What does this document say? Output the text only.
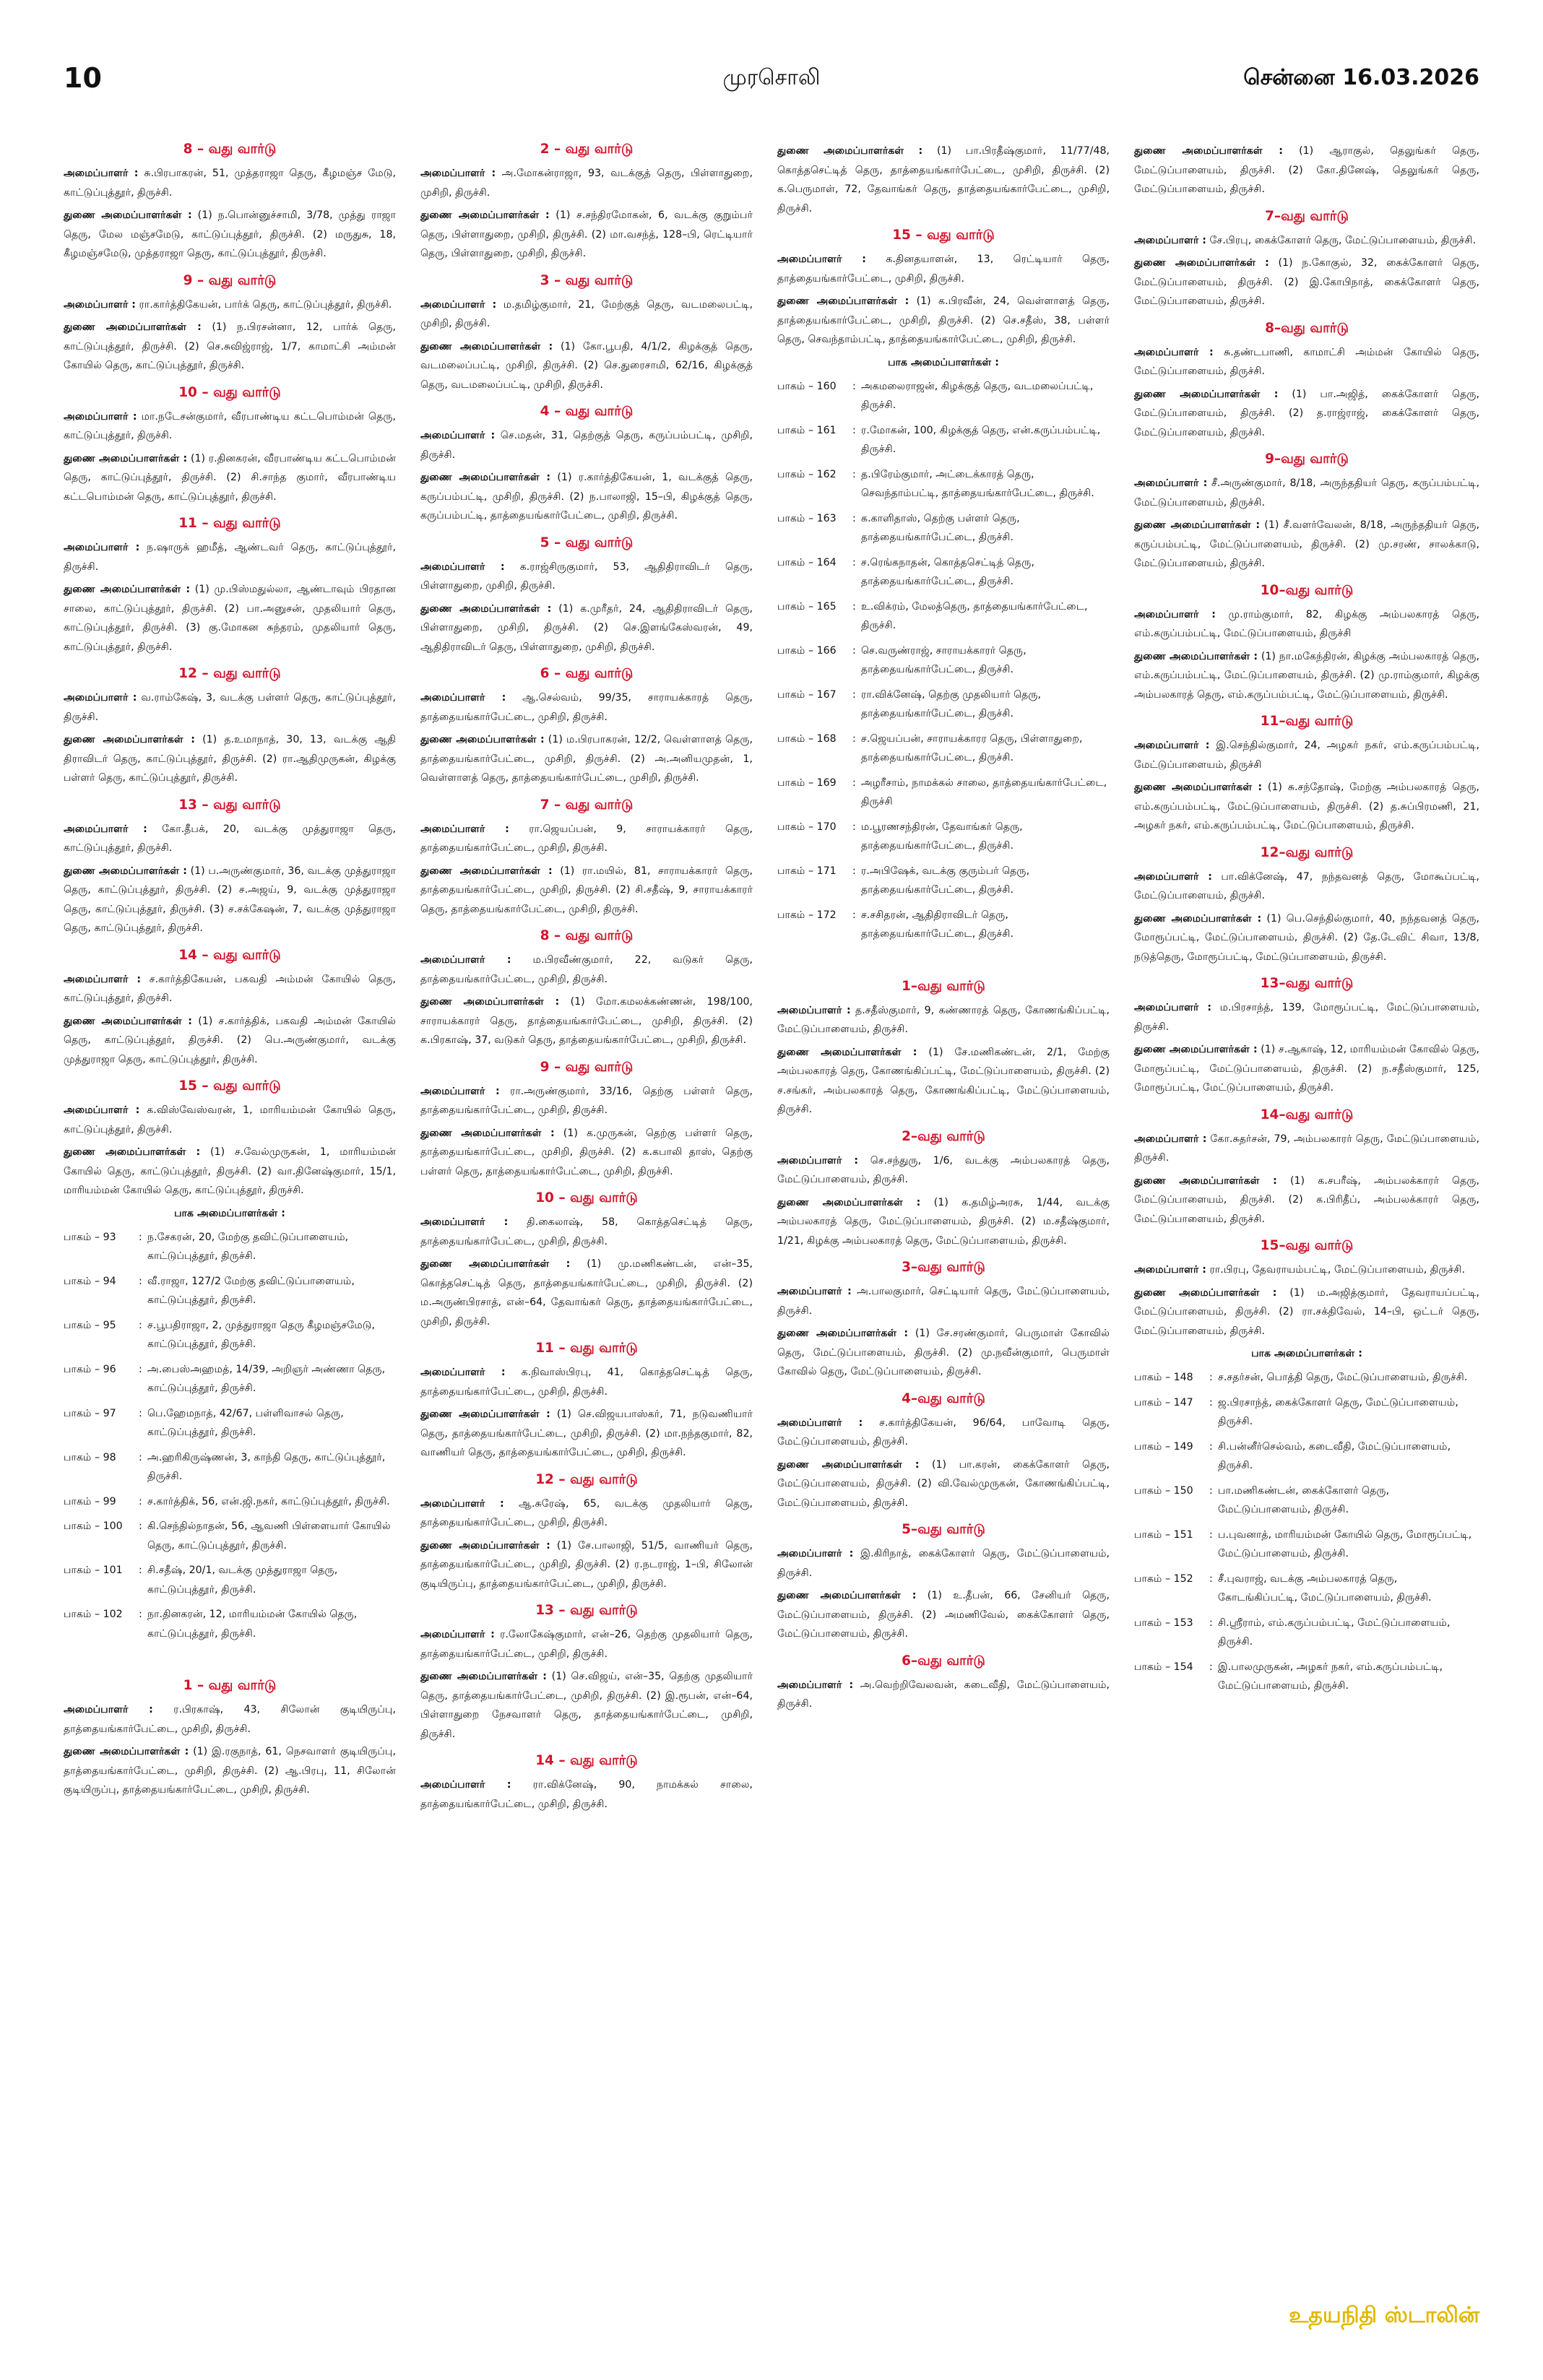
10	முரசொலி	சென்னை 16.03.2026
8 – வது வார்டு
அமைப்பாளர் : சு.பிரபாகரன், 51, முத்தராஜா தெரு, கீழமஞ்ச மேடு, காட்டுப்புத்தூர், திருச்சி.
துணை அமைப்பாளர்கள் : (1) ந.பொன்னுச்சாமி, 3/78, முத்து ராஜா தெரு, மேல மஞ்சமேடு, காட்டுப்புத்தூர், திருச்சி. (2) மருதுசு, 18, கீழமஞ்சமேடு, முத்தராஜா தெரு, காட்டுப்புத்தூர், திருச்சி.
9 – வது வார்டு
அமைப்பாளர் : ரா.கார்த்திகேயன், பார்க் தெரு, காட்டுப்புத்தூர், திருச்சி.
துணை அமைப்பாளர்கள் : (1) ந.பிரசன்னா, 12, பார்க் தெரு, காட்டுப்புத்தூர், திருச்சி. (2) செ.சுவிஜ்ராஜ், 1/7, காமாட்சி அம்மன் கோயில் தெரு, காட்டுப்புத்தூர், திருச்சி.
10 – வது வார்டு
அமைப்பாளர் : மா.நடேசன்குமார், வீரபாண்டிய கட்டபொம்மன் தெரு, காட்டுப்புத்தூர், திருச்சி.
துணை அமைப்பாளர்கள் : (1) ர.தினகரன், வீரபாண்டிய கட்டபொம்மன் தெரு, காட்டுப்புத்தூர், திருச்சி. (2) சி.சாந்த குமார், வீரபாண்டிய கட்டபொம்மன் தெரு, காட்டுப்புத்தூர், திருச்சி.
11 – வது வார்டு
அமைப்பாளர் : ந.ஷாருக் ஹமீத், ஆண்டவர் தெரு, காட்டுப்புத்தூர், திருச்சி.
துணை அமைப்பாளர்கள் : (1) மு.பிஸ்மதுல்லா, ஆண்டாவும் பிரதான சாலை, காட்டுப்புத்தூர், திருச்சி. (2) பா.அனுசன், முதலியார் தெரு, காட்டுப்புத்தூர், திருச்சி. (3) கு.மோகன சுந்தரம், முதலியார் தெரு, காட்டுப்புத்தூர், திருச்சி.
12 – வது வார்டு
அமைப்பாளர் : வ.ராம்கேஷ், 3, வடக்கு பள்ளர் தெரு, காட்டுப்புத்தூர், திருச்சி.
துணை அமைப்பாளர்கள் : (1) த.உமாநாத், 30, 13, வடக்கு ஆதி திராவிடர் தெரு, காட்டுப்புத்தூர், திருச்சி. (2) ரா.ஆதிமுருகன், கிழக்கு பள்ளர் தெரு, காட்டுப்புத்தூர், திருச்சி.
13 – வது வார்டு
அமைப்பாளர் : கோ.தீபக், 20, வடக்கு முத்துராஜா தெரு, காட்டுப்புத்தூர், திருச்சி.
துணை அமைப்பாளர்கள் : (1) ப.அருண்குமார், 36, வடக்கு முத்துராஜா தெரு, காட்டுப்புத்தூர், திருச்சி. (2) ச.அஜய், 9, வடக்கு முத்துராஜா தெரு, காட்டுப்புத்தூர், திருச்சி. (3) ச.சக்கேஷன், 7, வடக்கு முத்துராஜா தெரு, காட்டுப்புத்தூர், திருச்சி.
14 – வது வார்டு
அமைப்பாளர் : ச.கார்த்திகேயன், பகவதி அம்மன் கோயில் தெரு, காட்டுப்புத்தூர், திருச்சி.
துணை அமைப்பாளர்கள் : (1) ச.கார்த்திக், பகவதி அம்மன் கோயில் தெரு, காட்டுப்புத்தூர், திருச்சி. (2) பெ.அருண்குமார், வடக்கு முத்துராஜா தெரு, காட்டுப்புத்தூர், திருச்சி.
15 – வது வார்டு
அமைப்பாளர் : க.விஸ்வேஸ்வரன், 1, மாரியம்மன் கோயில் தெரு, காட்டுப்புத்தூர், திருச்சி.
துணை அமைப்பாளர்கள் : (1) ச.வேல்முருகன், 1, மாரியம்மன் கோயில் தெரு, காட்டுப்புத்தூர், திருச்சி. (2) வா.தினேஷ்குமார், 15/1, மாரியம்மன் கோயில் தெரு, காட்டுப்புத்தூர், திருச்சி.
பாக அமைப்பாளர்கள் :
பாகம் – 93	: ந.சேகரன், 20, மேற்கு தவிட்டுப்பாளையம், காட்டுப்புத்தூர், திருச்சி.
பாகம் – 94	: வீ.ராஜா, 127/2 மேற்கு தவிட்டுப்பாளையம், காட்டுப்புத்தூர், திருச்சி.
பாகம் – 95	: ச.பூபதிராஜா, 2, முத்துராஜா தெரு கீழமஞ்சமேடு, காட்டுப்புத்தூர், திருச்சி.
பாகம் – 96	: அ.பைஸ்அஹமத், 14/39, அறிஞர் அண்ணா தெரு, காட்டுப்புத்தூர், திருச்சி.
பாகம் – 97	: பெ.ஹேமநாத், 42/67, பள்ளிவாசல் தெரு, காட்டுப்புத்தூர், திருச்சி.
பாகம் – 98	: அ.ஹரிகிருஷ்ணன், 3, காந்தி தெரு, காட்டுப்புத்தூர், திருச்சி.
பாகம் – 99	: ச.கார்த்திக், 56, என்.ஜி.நகர், காட்டுப்புத்தூர், திருச்சி.
பாகம் – 100	: கி.செந்தில்நாதன், 56, ஆவணி பிள்ளையார் கோயில் தெரு, காட்டுப்புத்தூர், திருச்சி.
பாகம் – 101	: சி.சதீஷ், 20/1, வடக்கு முத்துராஜா தெரு, காட்டுப்புத்தூர், திருச்சி.
பாகம் – 102	: நா.தினகரன், 12, மாரியம்மன் கோயில் தெரு, காட்டுப்புத்தூர், திருச்சி.
1 – வது வார்டு
அமைப்பாளர் : ர.பிரகாஷ், 43, சிலோன் குடியிருப்பு, தாத்தையங்கார்பேட்டை, முசிறி, திருச்சி.
துணை அமைப்பாளர்கள் : (1) இ.ரகுநாத், 61, நெசவாளர் குடியிருப்பு, தாத்தையங்கார்பேட்டை, முசிறி, திருச்சி. (2) ஆ.பிரபு, 11, சிலோன் குடியிருப்பு, தாத்தையங்கார்பேட்டை, முசிறி, திருச்சி.
2 – வது வார்டு
அமைப்பாளர் : அ.மோகன்ராஜா, 93, வடக்குத் தெரு, பிள்ளாதுறை, முசிறி, திருச்சி.
துணை அமைப்பாளர்கள் : (1) ச.சந்திரமோகன், 6, வடக்கு குறும்பர் தெரு, பிள்ளாதுறை, முசிறி, திருச்சி. (2) மா.வசந்த், 128–பி, ரெட்டியார் தெரு, பிள்ளாதுறை, முசிறி, திருச்சி.
3 – வது வார்டு
அமைப்பாளர் : ம.தமிழ்குமார், 21, மேற்குத் தெரு, வடமலைபட்டி, முசிறி, திருச்சி.
துணை அமைப்பாளர்கள் : (1) கோ.பூபதி, 4/1/2, கிழக்குத் தெரு, வடமலைப்பட்டி, முசிறி, திருச்சி. (2) செ.துரைசாமி, 62/16, கிழக்குத் தெரு, வடமலைப்பட்டி, முசிறி, திருச்சி.
4 – வது வார்டு
அமைப்பாளர் : செ.மதன், 31, தெற்குத் தெரு, கருப்பம்பட்டி, முசிறி, திருச்சி.
துணை அமைப்பாளர்கள் : (1) ர.கார்த்திகேயன், 1, வடக்குத் தெரு, கருப்பம்பட்டி, முசிறி, திருச்சி. (2) ந.பாலாஜி, 15–பி, கிழக்குத் தெரு, கருப்பம்பட்டி, தாத்தையங்கார்பேட்டை, முசிறி, திருச்சி.
5 – வது வார்டு
அமைப்பாளர் : க.ராஜ்சிருகுமார், 53, ஆதிதிராவிடர் தெரு, பிள்ளாதுறை, முசிறி, திருச்சி.
துணை அமைப்பாளர்கள் : (1) க.முரீதர், 24, ஆதிதிராவிடர் தெரு, பிள்ளாதுறை, முசிறி, திருச்சி. (2) செ.இளங்கேஸ்வரன், 49, ஆதிதிராவிடர் தெரு, பிள்ளாதுறை, முசிறி, திருச்சி.
6 – வது வார்டு
அமைப்பாளர் : ஆ.செல்வம், 99/35, சாராயக்காரத் தெரு, தாத்தையங்கார்பேட்டை, முசிறி, திருச்சி.
துணை அமைப்பாளர்கள் : (1) ம.பிரபாகரன், 12/2, வெள்ளாளத் தெரு, தாத்தையங்கார்பேட்டை, முசிறி, திருச்சி. (2) அ.அனியமுதன், 1, வெள்ளாளத் தெரு, தாத்தையங்கார்பேட்டை, முசிறி, திருச்சி.
7 – வது வார்டு
அமைப்பாளர் : ரா.ஜெயப்பன், 9, சாராயக்காரர் தெரு, தாத்தையங்கார்பேட்டை, முசிறி, திருச்சி.
துணை அமைப்பாளர்கள் : (1) ரா.மயில், 81, சாராயக்காரர் தெரு, தாத்தையங்கார்பேட்டை, முசிறி, திருச்சி. (2) சி.சதீஷ், 9, சாராயக்காரர் தெரு, தாத்தையங்கார்பேட்டை, முசிறி, திருச்சி.
8 – வது வார்டு
அமைப்பாளர் : ம.பிரவீண்குமார், 22, வடுகர் தெரு, தாத்தையங்கார்பேட்டை, முசிறி, திருச்சி.
துணை அமைப்பாளர்கள் : (1) மோ.கமலக்கண்ணன், 198/100, சாராயக்காரர் தெரு, தாத்தையங்கார்பேட்டை, முசிறி, திருச்சி. (2) க.பிரகாஷ், 37, வடுகர் தெரு, தாத்தையங்கார்பேட்டை, முசிறி, திருச்சி.
9 – வது வார்டு
அமைப்பாளர் : ரா.அருண்குமார், 33/16, தெற்கு பள்ளர் தெரு, தாத்தையங்கார்பேட்டை, முசிறி, திருச்சி.
துணை அமைப்பாளர்கள் : (1) க.முருகன், தெற்கு பள்ளர் தெரு, தாத்தையங்கார்பேட்டை, முசிறி, திருச்சி. (2) க.கபாலி தாஸ், தெற்கு பள்ளர் தெரு, தாத்தையங்கார்பேட்டை, முசிறி, திருச்சி.
10 – வது வார்டு
அமைப்பாளர் : தி.கைலாஷ், 58, கொத்தசெட்டித் தெரு, தாத்தையங்கார்பேட்டை, முசிறி, திருச்சி.
துணை அமைப்பாளர்கள் : (1) மு.மணிகண்டன், என்–35, கொத்தசெட்டித் தெரு, தாத்தையங்கார்பேட்டை, முசிறி, திருச்சி. (2) ம.அருண்பிரசாத், என்–64, தேவாங்கர் தெரு, தாத்தையங்கார்பேட்டை, முசிறி, திருச்சி.
11 – வது வார்டு
அமைப்பாளர் : க.நிவாஸ்பிரபு, 41, கொத்தசெட்டித் தெரு, தாத்தையங்கார்பேட்டை, முசிறி, திருச்சி.
துணை அமைப்பாளர்கள் : (1) செ.விஜயபாஸ்கர், 71, நடுவணியார் தெரு, தாத்தையங்கார்பேட்டை, முசிறி, திருச்சி. (2) மா.நந்தகுமார், 82, வாணியர் தெரு, தாத்தையங்கார்பேட்டை, முசிறி, திருச்சி.
12 – வது வார்டு
அமைப்பாளர் : ஆ.சுரேஷ், 65, வடக்கு முதலியார் தெரு, தாத்தையங்கார்பேட்டை, முசிறி, திருச்சி.
துணை அமைப்பாளர்கள் : (1) சே.பாலாஜி, 51/5, வாணியர் தெரு, தாத்தையங்கார்பேட்டை, முசிறி, திருச்சி. (2) ர.நடராஜ், 1–பி, சிலோன் குடியிருப்பு, தாத்தையங்கார்பேட்டை, முசிறி, திருச்சி.
13 – வது வார்டு
அமைப்பாளர் : ர.லோகேஷ்குமார், என்–26, தெற்கு முதலியார் தெரு, தாத்தையங்கார்பேட்டை, முசிறி, திருச்சி.
துணை அமைப்பாளர்கள் : (1) செ.விஜய், என்–35, தெற்கு முதலியார் தெரு, தாத்தையங்கார்பேட்டை, முசிறி, திருச்சி. (2) இ.ரூபன், என்–64, பிள்ளாதுறை நேசவாளர் தெரு, தாத்தையங்கார்பேட்டை, முசிறி, திருச்சி.
14 – வது வார்டு
அமைப்பாளர் : ரா.விக்னேஷ், 90, நாமக்கல் சாலை, தாத்தையங்கார்பேட்டை, முசிறி, திருச்சி.
துணை அமைப்பாளர்கள் : (1) பா.பிரதீஷ்குமார், 11/77/48, கொத்தசெட்டித் தெரு, தாத்தையங்கார்பேட்டை, முசிறி, திருச்சி. (2) க.பெருமாள், 72, தேவாங்கர் தெரு, தாத்தையங்கார்பேட்டை, முசிறி, திருச்சி.
15 – வது வார்டு
அமைப்பாளர் : க.தினதயாளன், 13, ரெட்டியார் தெரு, தாத்தையங்கார்பேட்டை, முசிறி, திருச்சி.
துணை அமைப்பாளர்கள் : (1) க.பிரவீன், 24, வெள்ளாளத் தெரு, தாத்தையங்கார்பேட்டை, முசிறி, திருச்சி. (2) செ.சதீஸ், 38, பள்ளர் தெரு, செவந்தாம்பட்டி, தாத்தையங்கார்பேட்டை, முசிறி, திருச்சி.
பாக அமைப்பாளர்கள் :
பாகம் – 160	: அகமலைராஜன், கிழக்குத் தெரு, வடமலைப்பட்டி, திருச்சி.
பாகம் – 161	: ர.மோகன், 100, கிழக்குத் தெரு, என்.கருப்பம்பட்டி, திருச்சி.
பாகம் – 162	: த.பிரேம்குமார், அட்டைக்காரத் தெரு, செவந்தாம்பட்டி, தாத்தையங்கார்பேட்டை, திருச்சி.
பாகம் – 163	: க.காளிதாஸ், தெற்கு பள்ளர் தெரு, தாத்தையங்கார்பேட்டை, திருச்சி.
பாகம் – 164	: ச.ரெங்கநாதன், கொத்தசெட்டித் தெரு, தாத்தையங்கார்பேட்டை, திருச்சி.
பாகம் – 165	: உ.விக்ரம், மேலத்தெரு, தாத்தையங்கார்பேட்டை, திருச்சி.
பாகம் – 166	: செ.வருண்ராஜ், சாராயக்காரர் தெரு, தாத்தையங்கார்பேட்டை, திருச்சி.
பாகம் – 167	: ரா.விக்னேஷ், தெற்கு முதலியார் தெரு, தாத்தையங்கார்பேட்டை, திருச்சி.
பாகம் – 168	: ச.ஜெயப்பன், சாராயக்காரர தெரு, பிள்ளாதுறை, தாத்தையங்கார்பேட்டை, திருச்சி.
பாகம் – 169	: அழரீசாம், நாமக்கல் சாலை, தாத்தையங்கார்பேட்டை, திருச்சி
பாகம் – 170	: ம.பூரணசந்திரன், தேவாங்கர் தெரு, தாத்தையங்கார்பேட்டை, திருச்சி.
பாகம் – 171	: ர.அபிஷேக், வடக்கு குரும்பர் தெரு, தாத்தையங்கார்பேட்டை, திருச்சி.
பாகம் – 172	: ச.சசிதரன், ஆதிதிராவிடர் தெரு, தாத்தையங்கார்பேட்டை, திருச்சி.
1–வது வார்டு
அமைப்பாளர் : த.சதீஸ்குமார், 9, கண்ணாரத் தெரு, கோணங்கிப்பட்டி, மேட்டுப்பாளையம், திருச்சி.
துணை அமைப்பாளர்கள் : (1) சே.மணிகண்டன், 2/1, மேற்கு அம்பலகாரத் தெரு, கோணங்கிப்பட்டி, மேட்டுப்பாளையம், திருச்சி. (2) ச.சங்கர், அம்பலகாரத் தெரு, கோணங்கிப்பட்டி, மேட்டுப்பாளையம், திருச்சி.
2–வது வார்டு
அமைப்பாளர் : செ.சந்துரு, 1/6, வடக்கு அம்பலகாரத் தெரு, மேட்டுப்பாளையம், திருச்சி.
துணை அமைப்பாளர்கள் : (1) க.தமிழ்அரசு, 1/44, வடக்கு அம்பலகாரத் தெரு, மேட்டுப்பாளையம், திருச்சி. (2) ம.சதீஷ்குமார், 1/21, கிழக்கு அம்பலகாரத் தெரு, மேட்டுப்பாளையம், திருச்சி.
3–வது வார்டு
அமைப்பாளர் : அ.பாலகுமார், செட்டியார் தெரு, மேட்டுப்பாளையம், திருச்சி.
துணை அமைப்பாளர்கள் : (1) சே.சரண்குமார், பெருமாள் கோவில் தெரு, மேட்டுப்பாளையம், திருச்சி. (2) மு.நவீன்குமார், பெருமாள் கோவில் தெரு, மேட்டுப்பாளையம், திருச்சி.
4–வது வார்டு
அமைப்பாளர் : ச.கார்த்திகேயன், 96/64, பாவோடி தெரு, மேட்டுப்பாளையம், திருச்சி.
துணை அமைப்பாளர்கள் : (1) பா.கரன், கைக்கோளர் தெரு, மேட்டுப்பாளையம், திருச்சி. (2) வி.வேல்முருகன், கோணங்கிப்பட்டி, மேட்டுப்பாளையம், திருச்சி.
5–வது வார்டு
அமைப்பாளர் : இ.கிரிநாத், கைக்கோளர் தெரு, மேட்டுப்பாளையம், திருச்சி.
துணை அமைப்பாளர்கள் : (1) உ.தீபன், 66, சேனியர் தெரு, மேட்டுப்பாளையம், திருச்சி. (2) அமணிவேல், கைக்கோளர் தெரு, மேட்டுப்பாளையம், திருச்சி.
6–வது வார்டு
அமைப்பாளர் : அ.வெற்றிவேலவன், கடைவீதி, மேட்டுப்பாளையம், திருச்சி.
துணை அமைப்பாளர்கள் : (1) ஆராகுல், தெலுங்கர் தெரு, மேட்டுப்பாளையம், திருச்சி. (2) கோ.தினேஷ், தெலுங்கர் தெரு, மேட்டுப்பாளையம், திருச்சி.
7–வது வார்டு
அமைப்பாளர் : சே.பிரபு, கைக்கோளர் தெரு, மேட்டுப்பாளையம், திருச்சி.
துணை அமைப்பாளர்கள் : (1) ந.கோகுல், 32, கைக்கோளர் தெரு, மேட்டுப்பாளையம், திருச்சி. (2) இ.கோபிநாத், கைக்கோளர் தெரு, மேட்டுப்பாளையம், திருச்சி.
8–வது வார்டு
அமைப்பாளர் : சு.தண்டபாணி, காமாட்சி அம்மன் கோயில் தெரு, மேட்டுப்பாளையம், திருச்சி.
துணை அமைப்பாளர்கள் : (1) பா.அஜித், கைக்கோளர் தெரு, மேட்டுப்பாளையம், திருச்சி. (2) த.ராஜ்ராஜ், கைக்கோளர் தெரு, மேட்டுப்பாளையம், திருச்சி.
9–வது வார்டு
அமைப்பாளர் : சீ.அருண்குமார், 8/18, அருந்ததியர் தெரு, கருப்பம்பட்டி, மேட்டுப்பாளையம், திருச்சி.
துணை அமைப்பாளர்கள் : (1) சீ.வளர்வேலன், 8/18, அருந்ததியர் தெரு, கருப்பம்பட்டி, மேட்டுப்பாளையம், திருச்சி. (2) மு.சரண், சாலக்காடு, மேட்டுப்பாளையம், திருச்சி.
10–வது வார்டு
அமைப்பாளர் : மு.ராம்குமார், 82, கிழக்கு அம்பலகாரத் தெரு, எம்.கருப்பம்பட்டி, மேட்டுப்பாளையம், திருச்சி
துணை அமைப்பாளர்கள் : (1) நா.மகேந்திரன், கிழக்கு அம்பலகாரத் தெரு, எம்.கருப்பம்பட்டி, மேட்டுப்பாளையம், திருச்சி. (2) மு.ராம்குமார், கிழக்கு அம்பலகாரத் தெரு, எம்.கருப்பம்பட்டி, மேட்டுப்பாளையம், திருச்சி.
11–வது வார்டு
அமைப்பாளர் : இ.செந்தில்குமார், 24, அழகர் நகர், எம்.கருப்பம்பட்டி, மேட்டுப்பாளையம், திருச்சி
துணை அமைப்பாளர்கள் : (1) சு.சந்தோஷ், மேற்கு அம்பலகாரத் தெரு, எம்.கருப்பம்பட்டி, மேட்டுப்பாளையம், திருச்சி. (2) த.சுப்பிரமணி, 21, அழகர் நகர், எம்.கருப்பம்பட்டி, மேட்டுப்பாளையம், திருச்சி.
12–வது வார்டு
அமைப்பாளர் : பா.விக்னேஷ், 47, நந்தவனத் தெரு, மோகூப்பட்டி, மேட்டுப்பாளையம், திருச்சி.
துணை அமைப்பாளர்கள் : (1) பெ.செந்தில்குமார், 40, நந்தவனத் தெரு, மோரூப்பட்டி, மேட்டுப்பாளையம், திருச்சி. (2) தே.டேவிட் சிவா, 13/8, நடுத்தெரு, மோரூப்பட்டி, மேட்டுப்பாளையம், திருச்சி.
13–வது வார்டு
அமைப்பாளர் : ம.பிரசாந்த், 139, மோரூப்பட்டி, மேட்டுப்பாளையம், திருச்சி.
துணை அமைப்பாளர்கள் : (1) ச.ஆகாஷ், 12, மாரியம்மன் கோவில் தெரு, மோரூப்பட்டி, மேட்டுப்பாளையம், திருச்சி. (2) ந.சதீஸ்குமார், 125, மோரூப்பட்டி, மேட்டுப்பாளையம், திருச்சி.
14–வது வார்டு
அமைப்பாளர் : கோ.சுதர்சன், 79, அம்பலகாரர் தெரு, மேட்டுப்பாளையம், திருச்சி.
துணை அமைப்பாளர்கள் : (1) க.சபரீஷ், அம்பலக்காரர் தெரு, மேட்டுப்பாளையம், திருச்சி. (2) க.பிரிதீப், அம்பலக்காரர் தெரு, மேட்டுப்பாளையம், திருச்சி.
15–வது வார்டு
அமைப்பாளர் : ரா.பிரபு, தேவராயம்பட்டி, மேட்டுப்பாளையம், திருச்சி.
துணை அமைப்பாளர்கள் : (1) ம.அஜித்குமார், தேவராயப்பட்டி, மேட்டுப்பாளையம், திருச்சி. (2) ரா.சக்திவேல், 14–பி, ஒட்டர் தெரு, மேட்டுப்பாளையம், திருச்சி.
பாக அமைப்பாளர்கள் :
பாகம் – 148	: ச.சதர்சன், பொத்தி தெரு, மேட்டுப்பாளையம், திருச்சி.
பாகம் – 147	: ஜ.பிரசாந்த், கைக்கோளர் தெரு, மேட்டுப்பாளையம், திருச்சி.
பாகம் – 149	: சி.பன்னீர்செல்வம், கடைவீதி, மேட்டுப்பாளையம், திருச்சி.
பாகம் – 150	: பா.மணிகண்டன், கைக்கோளர் தெரு, மேட்டுப்பாளையம், திருச்சி.
பாகம் – 151	: ப.புவனாத், மாரியம்மன் கோயில் தெரு, மோரூப்பட்டி, மேட்டுப்பாளையம், திருச்சி.
பாகம் – 152	: சீ.புவராஜ், வடக்கு அம்பலகாரத் தெரு, கோடங்கிப்பட்டி, மேட்டுப்பாளையம், திருச்சி.
பாகம் – 153	: சி.ஸ்ரீராம், எம்.கருப்பம்பட்டி, மேட்டுப்பாளையம், திருச்சி.
பாகம் – 154	: இ.பாலமுருகன், அழகர் நகர், எம்.கருப்பம்பட்டி, மேட்டுப்பாளையம், திருச்சி.
உதயநிதி ஸ்டாலின்
